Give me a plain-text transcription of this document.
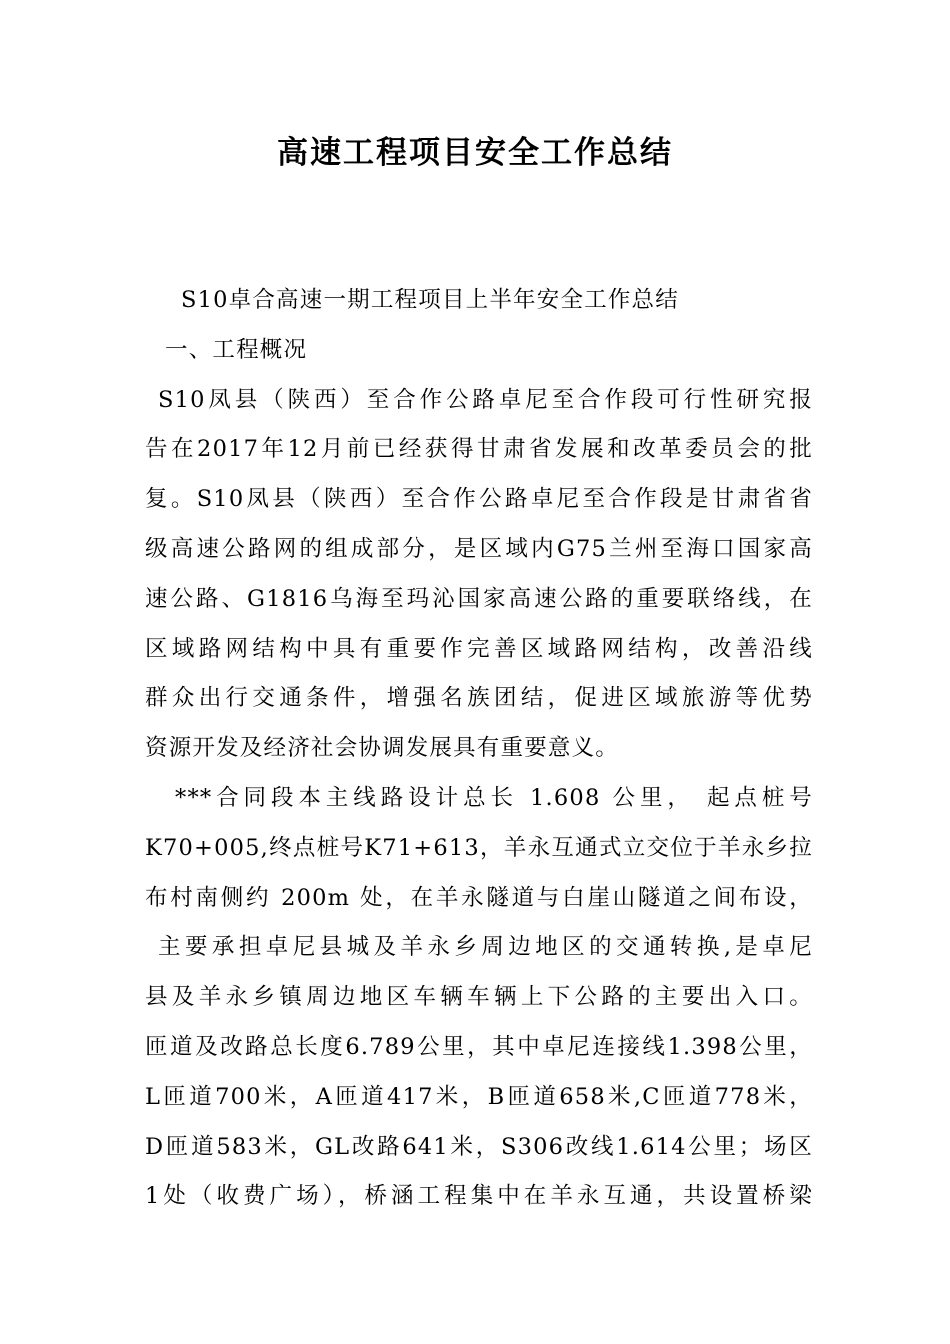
高速工程项目安全工作总结
S10卓合高速一期工程项目上半年安全工作总结
一、工程概况
S10凤县（陕西）至合作公路卓尼至合作段可行性研究报
告在2017年12月前已经获得甘肃省发展和改革委员会的批
复。S10凤县（陕西）至合作公路卓尼至合作段是甘肃省省
级高速公路网的组成部分，是区域内G75兰州至海口国家高
速公路、G1816乌海至玛沁国家高速公路的重要联络线，在
区域路网结构中具有重要作完善区域路网结构，改善沿线
群众出行交通条件，增强名族团结，促进区域旅游等优势
资源开发及经济社会协调发展具有重要意义。
***合同段本主线路设计总长 1.608 公里， 起点桩号
K70+005,终点桩号K71+613，羊永互通式立交位于羊永乡拉
布村南侧约 200m 处，在羊永隧道与白崖山隧道之间布设，
主要承担卓尼县城及羊永乡周边地区的交通转换,是卓尼
县及羊永乡镇周边地区车辆车辆上下公路的主要出入口。
匝道及改路总长度6.789公里，其中卓尼连接线1.398公里，
L匝道700米，A匝道417米，B匝道658米,C匝道778米，
D匝道583米，GL改路641米，S306改线1.614公里；场区
1处（收费广场），桥涵工程集中在羊永互通，共设置桥梁
